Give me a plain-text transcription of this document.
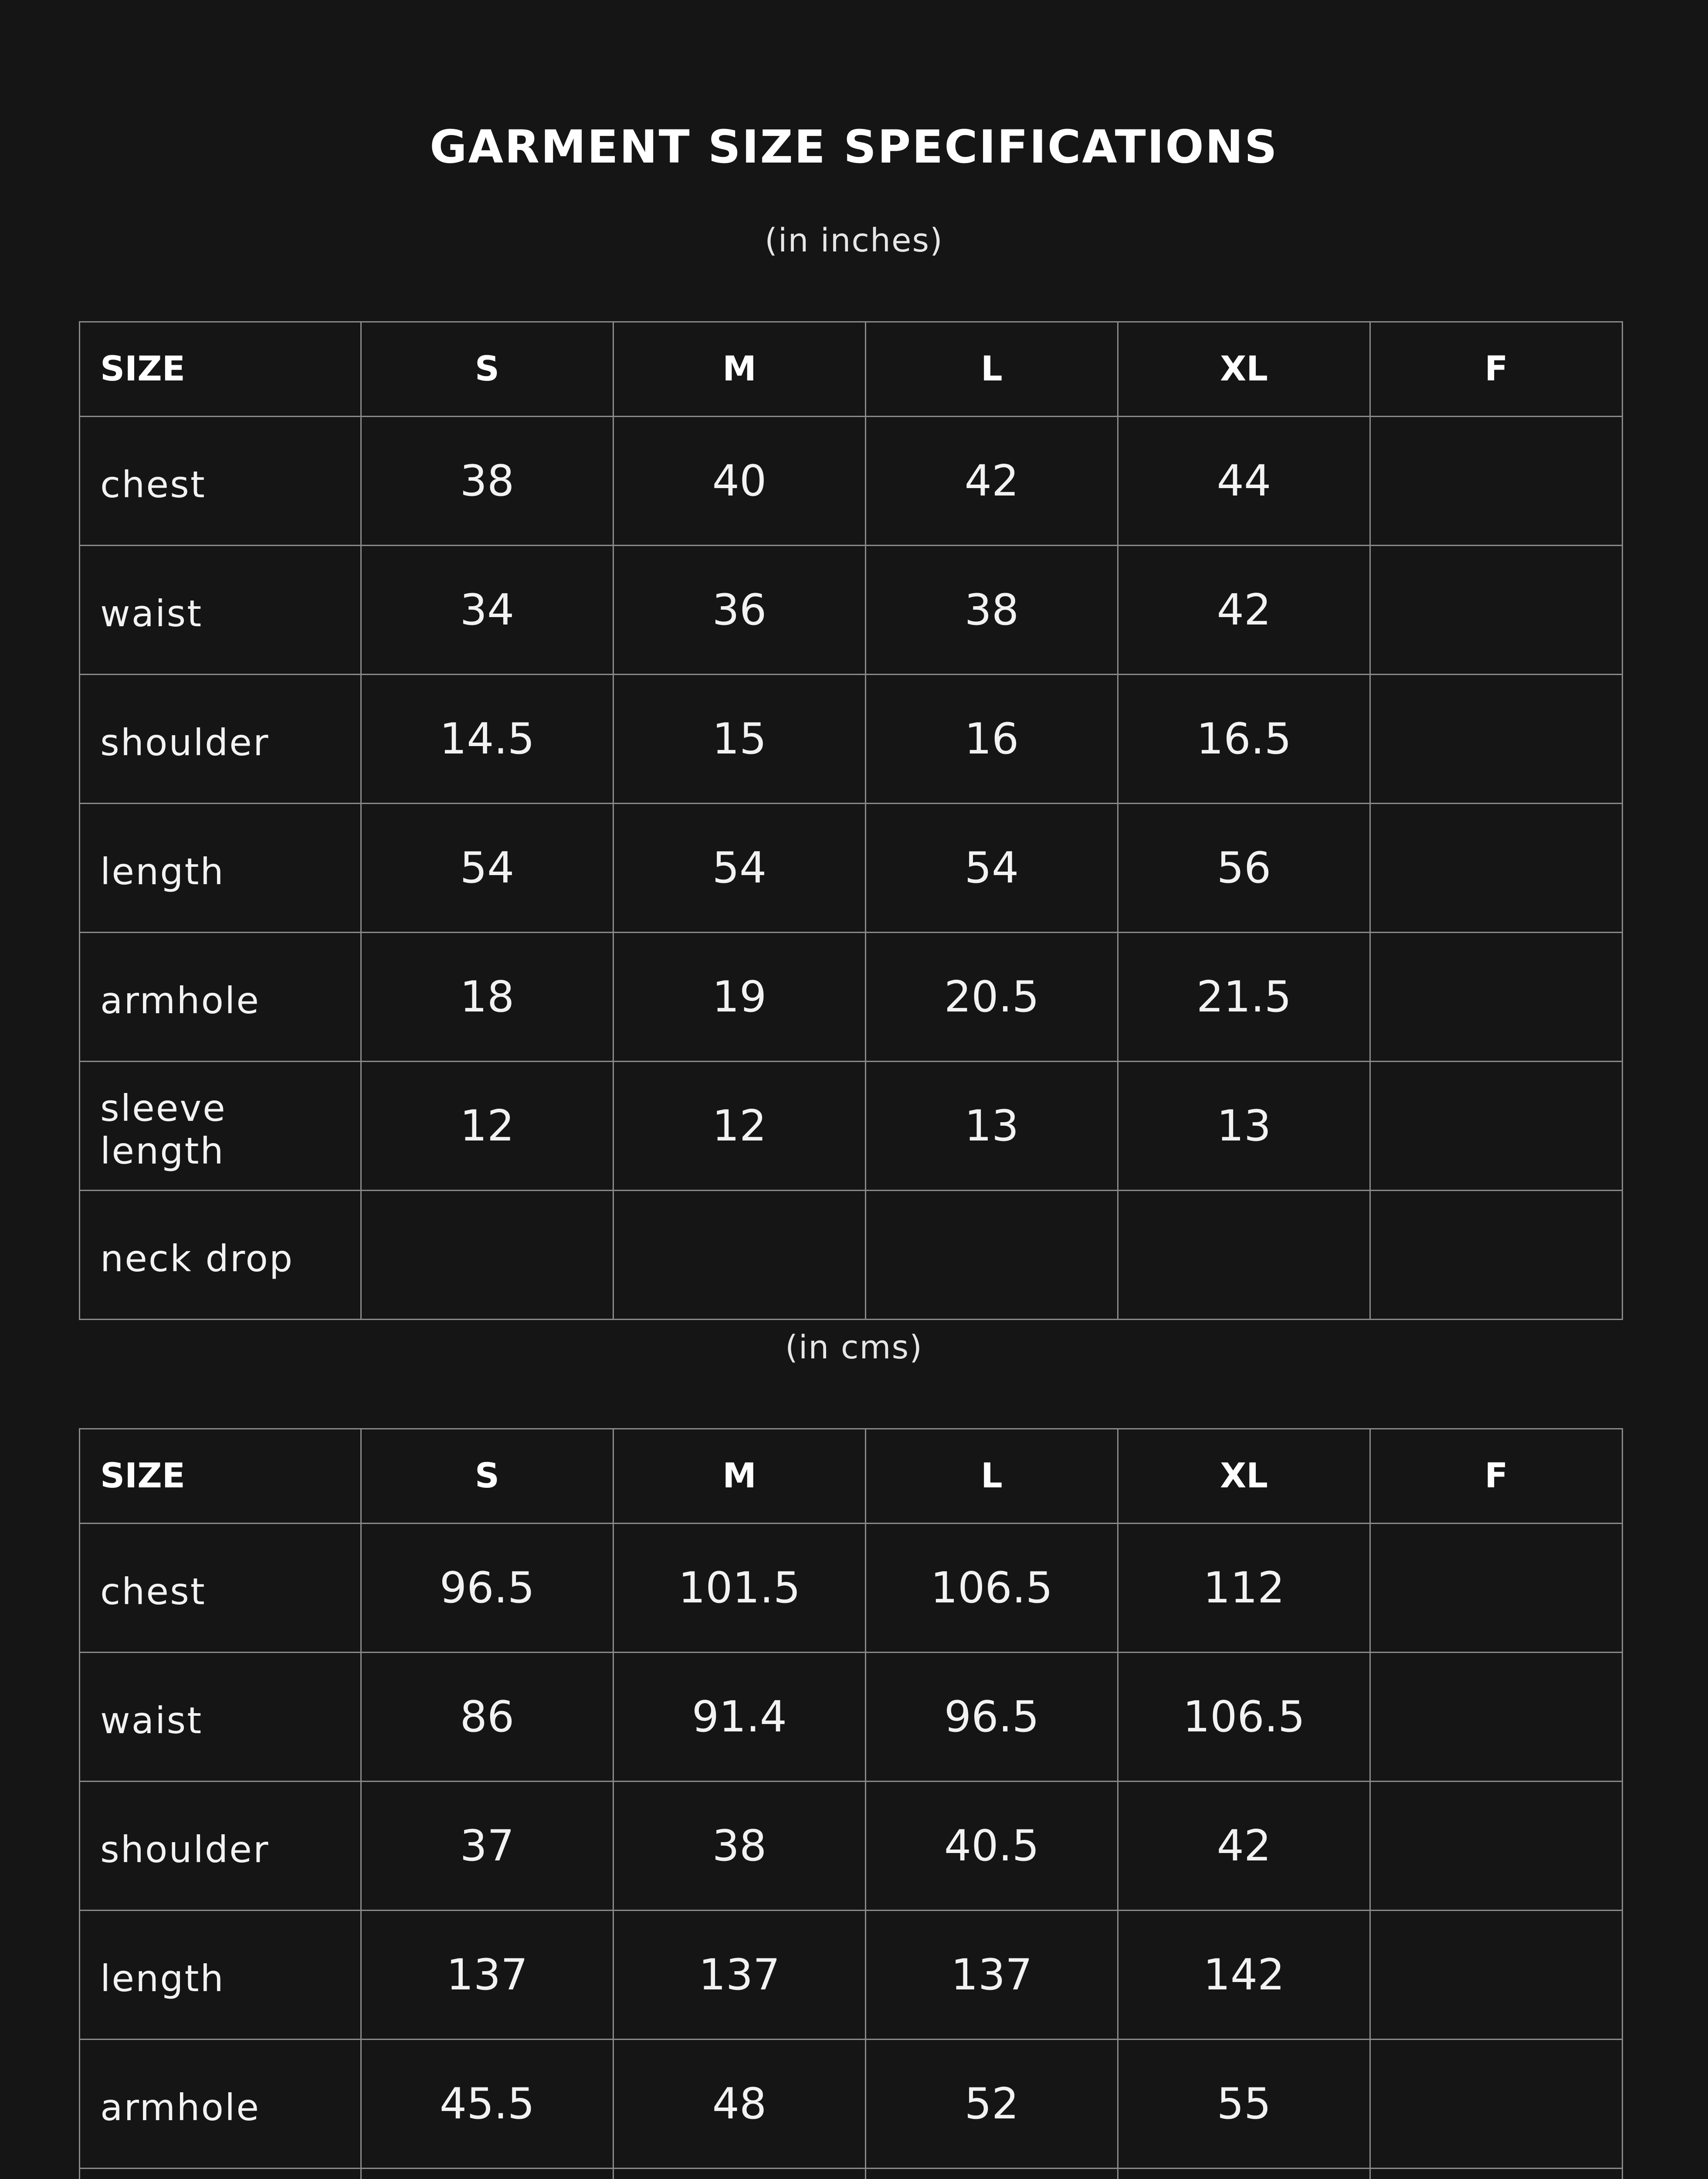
GARMENT SIZE SPECIFICATIONS
(in inches)
SIZE	S	M	L	XL	F
chest	38	40	42	44	
waist	34	36	38	42	
shoulder	14.5	15	16	16.5	
length	54	54	54	56	
armhole	18	19	20.5	21.5	
sleeve length	12	12	13	13	
neck drop					
(in cms)
SIZE	S	M	L	XL	F
chest	96.5	101.5	106.5	112	
waist	86	91.4	96.5	106.5	
shoulder	37	38	40.5	42	
length	137	137	137	142	
armhole	45.5	48	52	55	
